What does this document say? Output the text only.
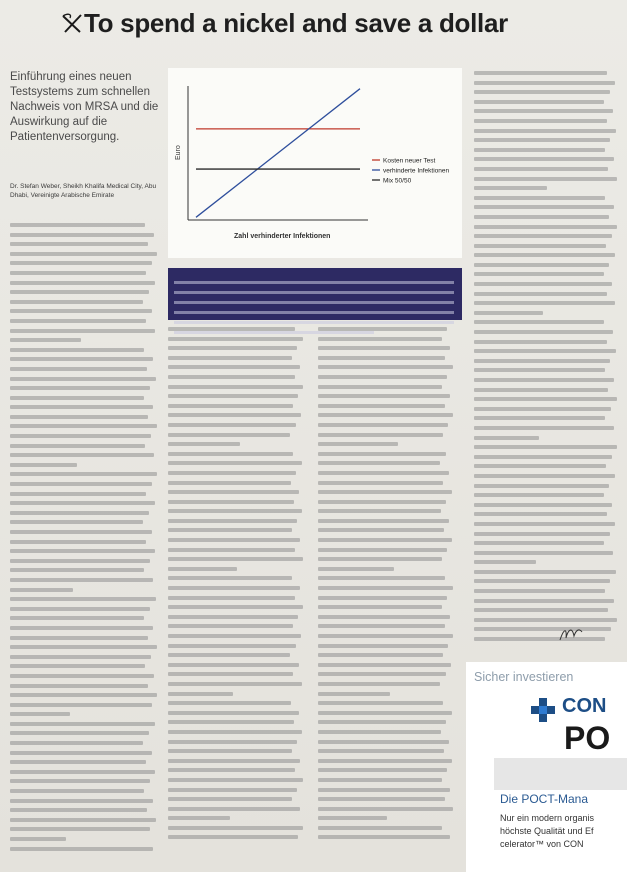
To spend a nickel and save a dollar

Einführung eines neuen Testsystems zum schnellen Nachweis von MRSA und die Auswirkung auf die Patientenversorgung.

Dr. Stefan Weber, Sheikh Khalifa Medical City, Abu Dhabi, Vereinigte Arabische Emirate

Euro
Zahl verhinderter Infektionen
Kosten neuer Test
verhinderte Infektionen
Mix 50/50
Sicher investieren
CON
PO
Die POCT-Mana
Nur ein modern organis
höchste Qualität und Ef
celerator™ von CON
